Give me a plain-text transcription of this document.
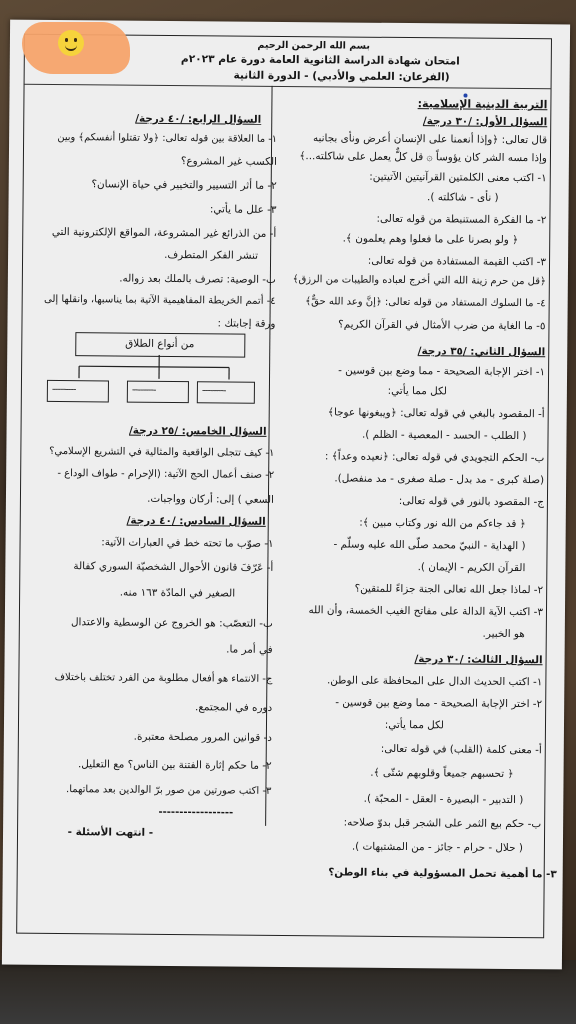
بسم الله الرحمن الرحيم
امتحان شهادة الدراسة الثانوية العامة دورة عام ٢٠٢٣م
(الفرعان: العلمي والأدبي) - الدورة الثانية
التربية الدينية الإسلامية:
السؤال الأول: /٣٠ درجة/
قال تعالى: ﴿وإذا أنعمنا على الإنسان أعرض ونأى بجانبه
وإذا مسه الشر كان يؤوساً ۞ قل كلٌّ يعمل على شاكلته...﴾
١- اكتب معنى الكلمتين القرآنيتين الآتيتين:
( نأى - شاكلته ).
٢- ما الفكرة المستنبطة من قوله تعالى:
﴿ ولو بصرنا على ما فعلوا وهم يعلمون ﴾.
٣- اكتب القيمة المستفادة من قوله تعالى:
﴿قل من حرم زينة الله التي أخرج لعباده والطيبات من الرزق﴾
٤- ما السلوك المستفاد من قوله تعالى: ﴿إنَّ وعد الله حقٌّ﴾
٥- ما الغاية من ضرب الأمثال في القرآن الكريم؟
السؤال الثاني: /٣٥ درجة/
١- اختر الإجابة الصحيحة - مما وضع بين قوسين -
لكل مما يأتي:
أ- المقصود بالبغي في قوله تعالى: ﴿ويبغونها عوجا﴾
( الطلب - الحسد - المعصية - الظلم ).
ب- الحكم التجويدي في قوله تعالى: ﴿نعيده وعداً﴾ :
(صلة كبرى - مد بدل - صلة صغرى - مد منفصل).
ج- المقصود بالنور في قوله تعالى:
﴿ قد جاءكم من الله نور وكتاب مبين ﴾:
( الهداية - النبيّ محمد صلّى الله عليه وسلّم -
القرآن الكريم - الإيمان ).
٢- لماذا جعل الله تعالى الجنة جزاءً للمتقين؟
٣- اكتب الآية الدالة على مفاتح الغيب الخمسة، وأن الله
هو الخبير.
السؤال الثالث: /٣٠ درجة/
١- اكتب الحديث الدال على المحافظة على الوطن.
٢- اختر الإجابة الصحيحة - مما وضع بين قوسين -
لكل مما يأتي:
أ- معنى كلمة (القلب) في قوله تعالى:
﴿ تحسبهم جميعاً وقلوبهم شتّى ﴾.
( التدبير - البصيرة - العقل - المحبّة ).
ب- حكم بيع الثمر على الشجر قبل بدوّ صلاحه:
( حلال - حرام - جائز - من المشتبهات ).
٣- ما أهمية تحمل المسؤولية في بناء الوطن؟
السؤال الرابع: /٤٠ درجة/
١- ما العلاقة بين قوله تعالى: ﴿ولا تقتلوا أنفسكم﴾ وبين
الكسب غير المشروع؟
٢- ما أثر التسيير والتخيير في حياة الإنسان؟
٣- علل ما يأتي:
أ- من الذرائع غير المشروعة، المواقع الإلكترونية التي
تنشر الفكر المتطرف.
ب- الوصية: تصرف بالملك بعد زواله.
٤- أتمم الخريطة المفاهيمية الآتية بما يناسبها، وانقلها إلى
ورقة إجابتك :
من أنواع الطلاق
---------	---------	---------
السؤال الخامس: /٢٥ درجة/
١- كيف تتجلى الواقعية والمثالية في التشريع الإسلامي؟
٢- صنف أعمال الحج الآتية: (الإحرام - طواف الوداع -
السعي ) إلى: أركان وواجبات.
السؤال السادس: /٤٠ درجة/
١- صوّب ما تحته خط في العبارات الآتية:
أ- عَرّفَ قانون الأحوال الشخصيّة السوري كفالة
الصغير في المادّة ١٦٣ منه.
ب- التعصّب: هو الخروج عن الوسطية والاعتدال
في أمر ما.
ج- الانتماء هو أفعال مطلوبة من الفرد تختلف باختلاف
دوره في المجتمع.
د- قوانين المرور مصلحة معتبرة.
٢- ما حكم إثارة الفتنة بين الناس؟ مع التعليل.
٣- اكتب صورتين من صور برّ الوالدين بعد مماتهما.
------------------
- انتهت الأسئلة -
